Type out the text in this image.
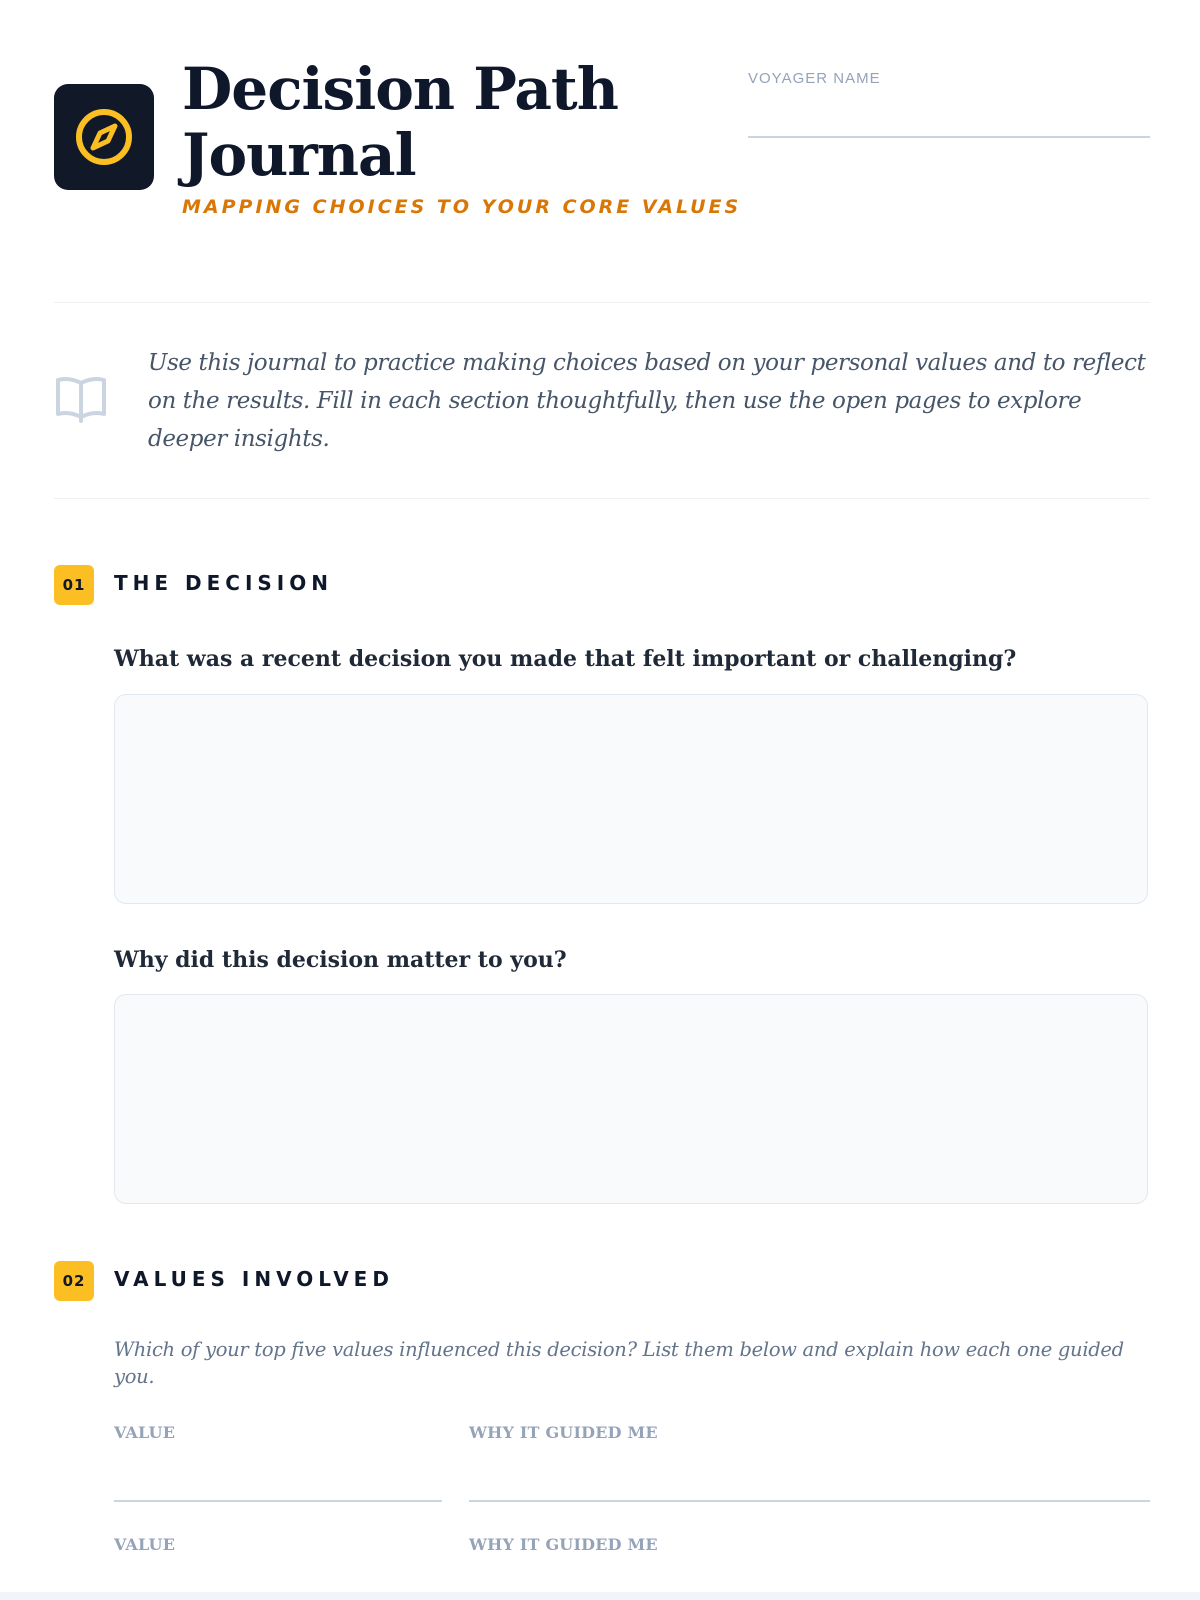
Decision Path Journal
MAPPING CHOICES TO YOUR CORE VALUES
VOYAGER NAME

Use this journal to practice making choices based on your personal values and to reflect on the results. Fill in each section thoughtfully, then use the open pages to explore deeper insights.

01	THE DECISION

What was a recent decision you made that felt important or challenging?

Why did this decision matter to you?

02	VALUES INVOLVED

Which of your top five values influenced this decision? List them below and explain how each one guided you.

VALUE	WHY IT GUIDED ME
VALUE	WHY IT GUIDED ME
